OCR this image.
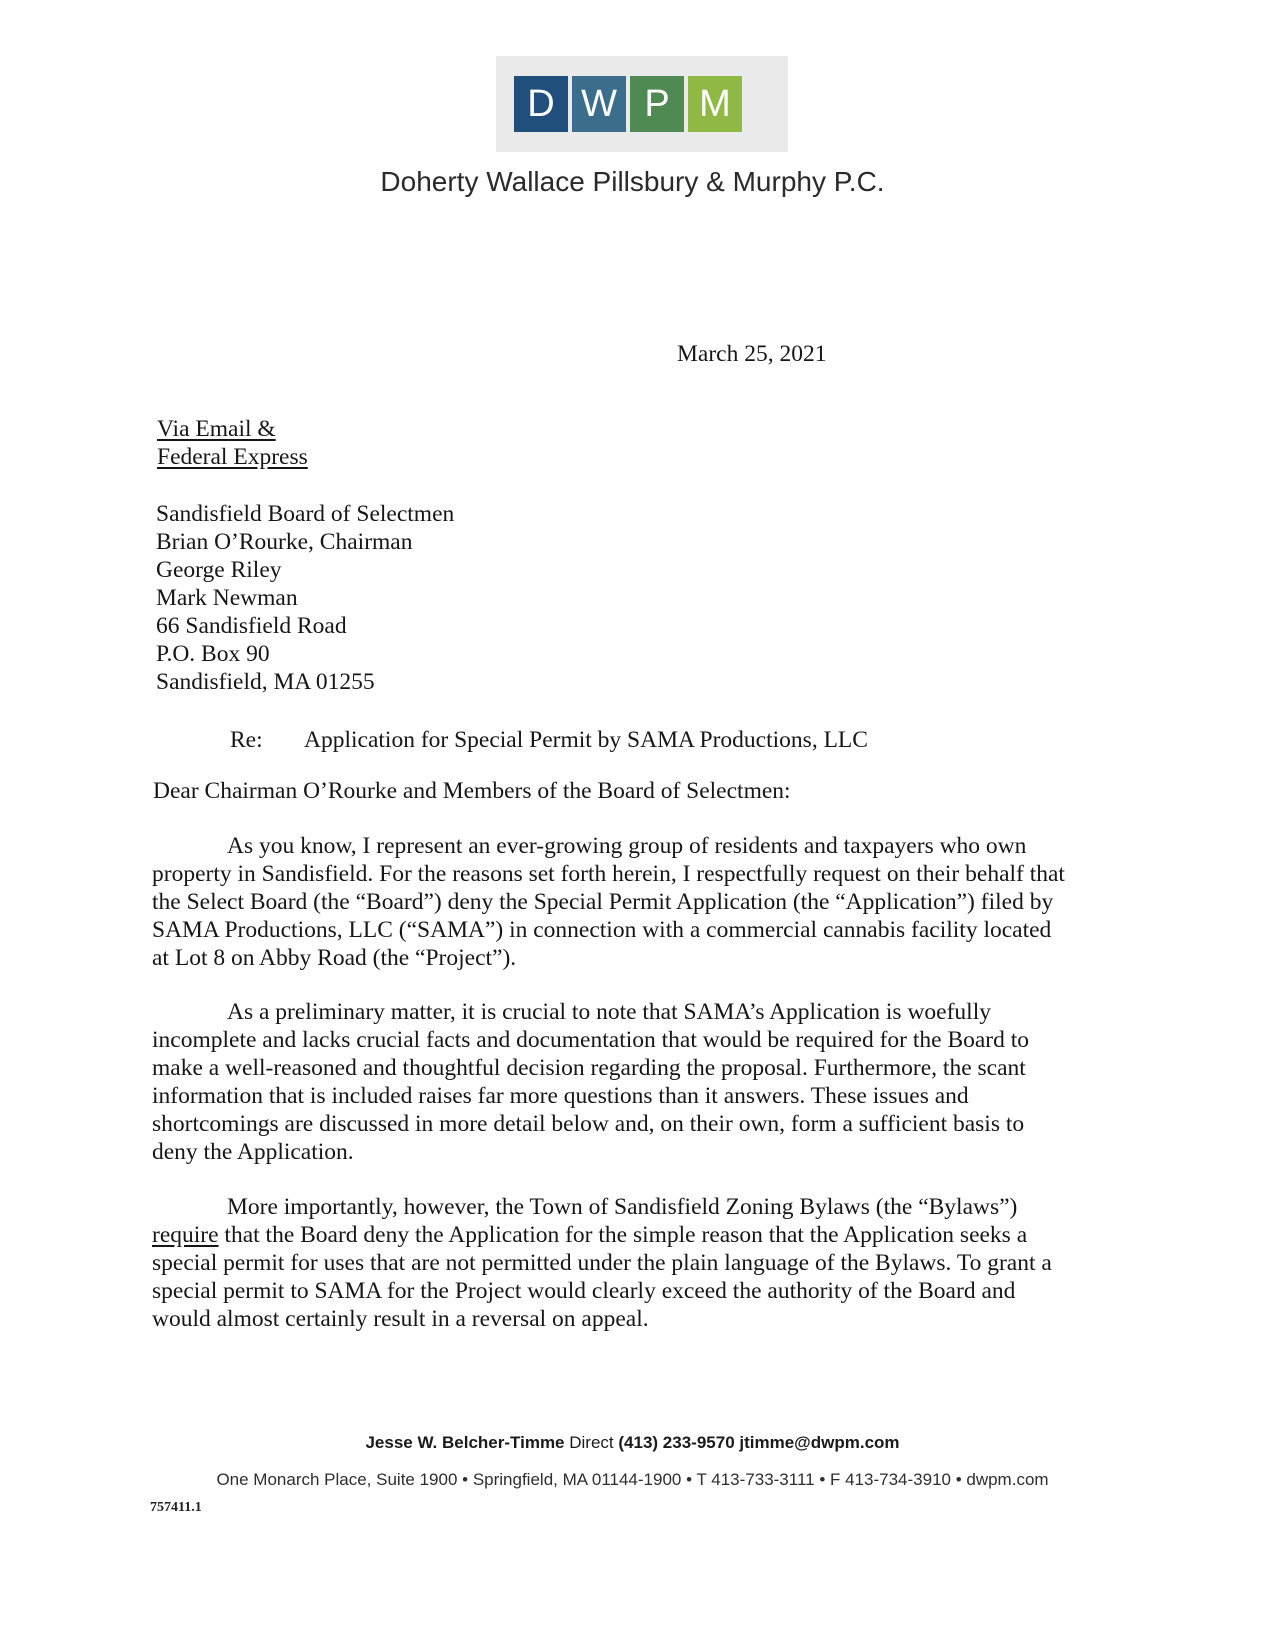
D W P M
Doherty Wallace Pillsbury & Murphy P.C.
March 25, 2021
Via Email &
Federal Express
Sandisfield Board of Selectmen
Brian O’Rourke, Chairman
George Riley
Mark Newman
66 Sandisfield Road
P.O. Box 90
Sandisfield, MA 01255
Re: Application for Special Permit by SAMA Productions, LLC
Dear Chairman O’Rourke and Members of the Board of Selectmen:
As you know, I represent an ever-growing group of residents and taxpayers who own
property in Sandisfield. For the reasons set forth herein, I respectfully request on their behalf that
the Select Board (the “Board”) deny the Special Permit Application (the “Application”) filed by
SAMA Productions, LLC (“SAMA”) in connection with a commercial cannabis facility located
at Lot 8 on Abby Road (the “Project”).
As a preliminary matter, it is crucial to note that SAMA’s Application is woefully
incomplete and lacks crucial facts and documentation that would be required for the Board to
make a well-reasoned and thoughtful decision regarding the proposal. Furthermore, the scant
information that is included raises far more questions than it answers. These issues and
shortcomings are discussed in more detail below and, on their own, form a sufficient basis to
deny the Application.
More importantly, however, the Town of Sandisfield Zoning Bylaws (the “Bylaws”)
require that the Board deny the Application for the simple reason that the Application seeks a
special permit for uses that are not permitted under the plain language of the Bylaws. To grant a
special permit to SAMA for the Project would clearly exceed the authority of the Board and
would almost certainly result in a reversal on appeal.
Jesse W. Belcher-Timme Direct (413) 233-9570 jtimme@dwpm.com
One Monarch Place, Suite 1900 • Springfield, MA 01144-1900 • T 413-733-3111 • F 413-734-3910 • dwpm.com
757411.1
